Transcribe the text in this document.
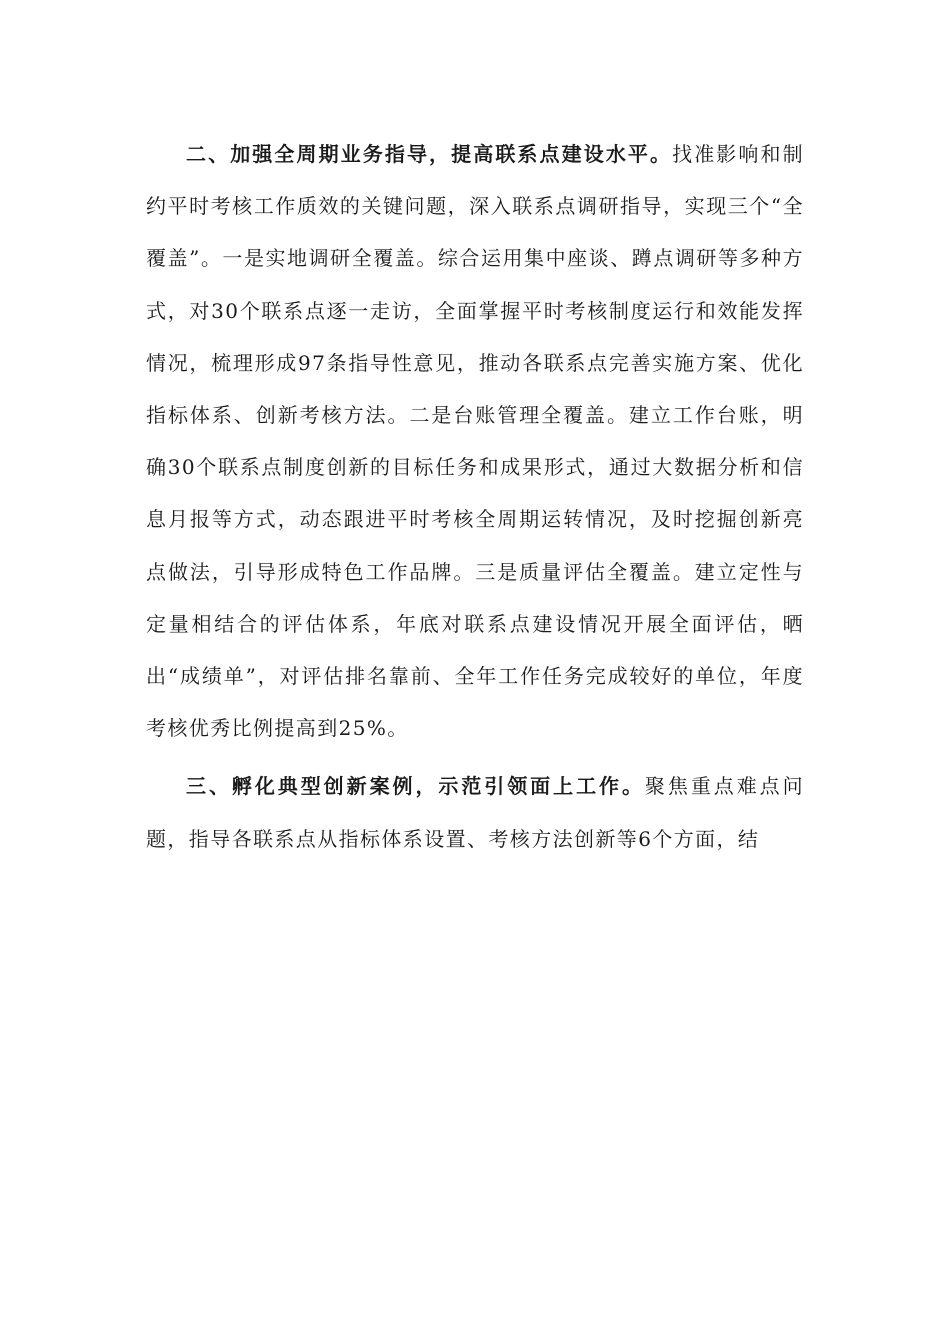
二、加强全周期业务指导，提高联系点建设水平。找准影响和制约平时考核工作质效的关键问题，深入联系点调研指导，实现三个“全覆盖”。一是实地调研全覆盖。综合运用集中座谈、蹲点调研等多种方式，对30个联系点逐一走访，全面掌握平时考核制度运行和效能发挥情况，梳理形成97条指导性意见，推动各联系点完善实施方案、优化指标体系、创新考核方法。二是台账管理全覆盖。建立工作台账，明确30个联系点制度创新的目标任务和成果形式，通过大数据分析和信息月报等方式，动态跟进平时考核全周期运转情况，及时挖掘创新亮点做法，引导形成特色工作品牌。三是质量评估全覆盖。建立定性与定量相结合的评估体系，年底对联系点建设情况开展全面评估，晒出“成绩单”，对评估排名靠前、全年工作任务完成较好的单位，年度考核优秀比例提高到25%。

三、孵化典型创新案例，示范引领面上工作。聚焦重点难点问题，指导各联系点从指标体系设置、考核方法创新等6个方面，结
